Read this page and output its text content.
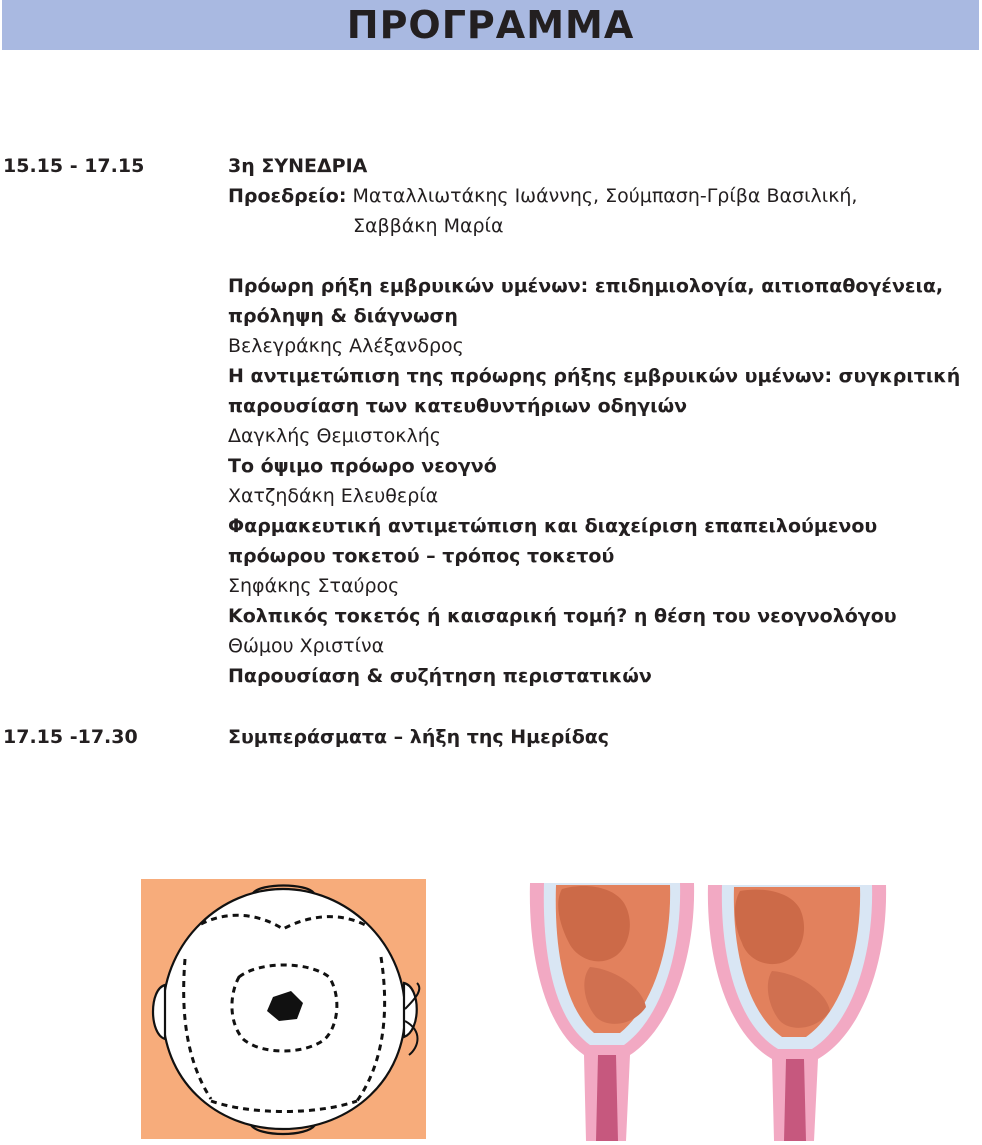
ΠΡΟΓΡΑΜΜΑ
15.15 - 17.15	3η ΣΥΝΕΔΡΙΑ
Προεδρείο: Ματαλλιωτάκης Ιωάννης, Σούμπαση-Γρίβα Βασιλική,
Σαββάκη Μαρία
Πρόωρη ρήξη εμβρυικών υμένων: επιδημιολογία, αιτιοπαθογένεια,
πρόληψη & διάγνωση
Βελεγράκης Αλέξανδρος
Η αντιμετώπιση της πρόωρης ρήξης εμβρυικών υμένων: συγκριτική
παρουσίαση των κατευθυντήριων οδηγιών
Δαγκλής Θεμιστοκλής
Το όψιμο πρόωρο νεογνό
Χατζηδάκη Ελευθερία
Φαρμακευτική αντιμετώπιση και διαχείριση επαπειλούμενου
πρόωρου τοκετού – τρόπος τοκετού
Σηφάκης Σταύρος
Κολπικός τοκετός ή καισαρική τομή? η θέση του νεογνολόγου
Θώμου Χριστίνα
Παρουσίαση & συζήτηση περιστατικών
17.15 -17.30	Συμπεράσματα – λήξη της Ημερίδας
